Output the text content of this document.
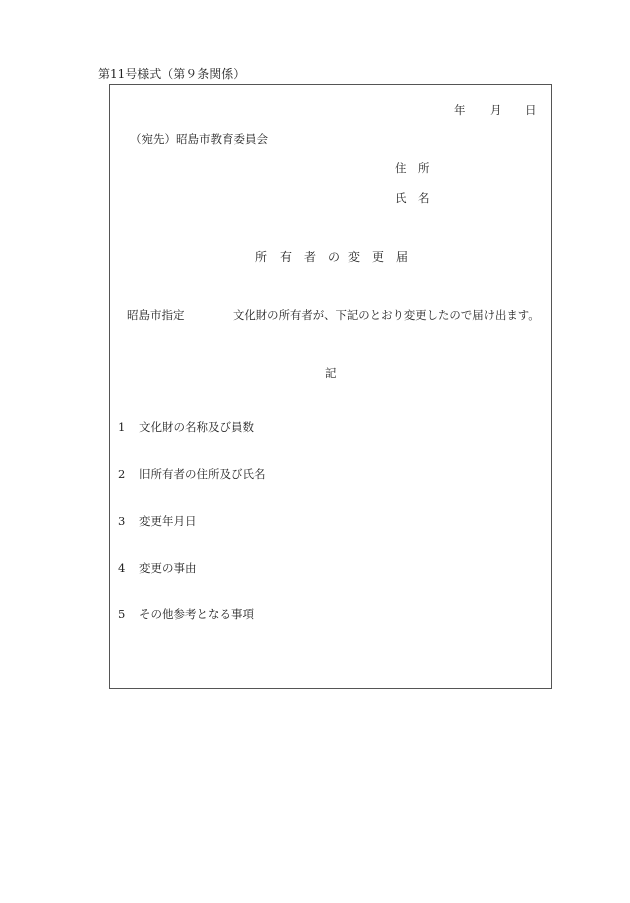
第11号様式（第９条関係）
年 月 日
（宛先）昭島市教育委員会
住　所
氏　名
所 有 者 の 変 更 届
昭島市指定	文化財の所有者が、下記のとおり変更したので届け出ます。
記
1 文化財の名称及び員数
2 旧所有者の住所及び氏名
3 変更年月日
4 変更の事由
5 その他参考となる事項
